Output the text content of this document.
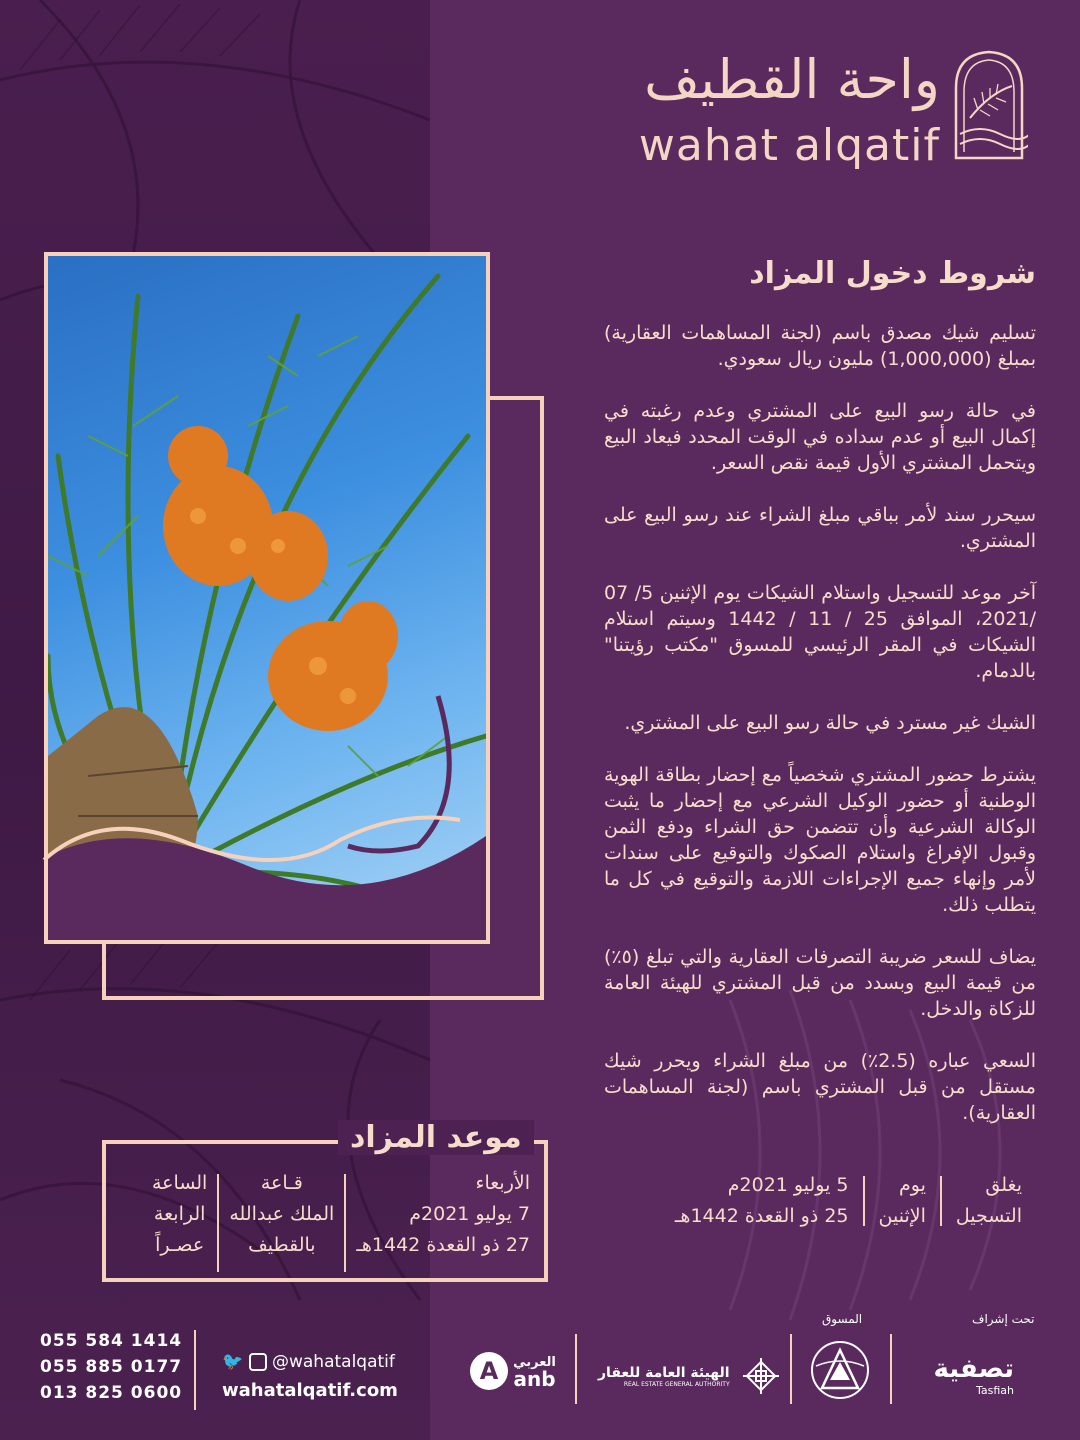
واحة القطيف
wahat alqatif
شروط دخول المزاد

تسليم شيك مصدق باسم (لجنة المساهمات العقارية) بمبلغ (1,000,000) مليون ريال سعودي.

في حالة رسو البيع على المشتري وعدم رغبته في إكمال البيع أو عدم سداده في الوقت المحدد فيعاد البيع ويتحمل المشتري الأول قيمة نقص السعر.

سيحرر سند لأمر بباقي مبلغ الشراء عند رسو البيع على المشتري.

آخر موعد للتسجيل واستلام الشيكات يوم الإثنين 5/ 07 /2021، الموافق 25 / 11 / 1442 وسيتم استلام الشيكات في المقر الرئيسي للمسوق "مكتب رؤيتنا" بالدمام.

الشيك غير مسترد في حالة رسو البيع على المشتري.

يشترط حضور المشتري شخصياً مع إحضار بطاقة الهوية الوطنية أو حضور الوكيل الشرعي مع إحضار ما يثبت الوكالة الشرعية وأن تتضمن حق الشراء ودفع الثمن وقبول الإفراغ واستلام الصكوك والتوقيع على سندات لأمر وإنهاء جميع الإجراءات اللازمة والتوقيع في كل ما يتطلب ذلك.

يضاف للسعر ضريبة التصرفات العقارية والتي تبلغ (٥٪) من قيمة البيع وبسدد من قبل المشتري للهيئة العامة للزكاة والدخل.

السعي عباره (2.5٪) من مبلغ الشراء ويحرر شيك مستقل من قبل المشتري باسم (لجنة المساهمات العقارية).

يغلق
التسجيل
يوم
الإثنين
5 يوليو 2021م
25 ذو القعدة 1442هـ
موعد المزاد
الأربعاء
7 يوليو 2021م
27 ذو القعدة 1442هـ
قـاعة
الملك عبدالله
بالقطيف
الساعة
الرابعة
عصـراً
055 584 1414
055 885 0177
013 825 0600
🐦 @wahatalqatif
wahatalqatif.com
A العربي
anb	الهيئة العامة للعقار
REAL ESTATE GENERAL AUTHORITY

المسوق	تحت إشراف
تصفية
Tasfiah
